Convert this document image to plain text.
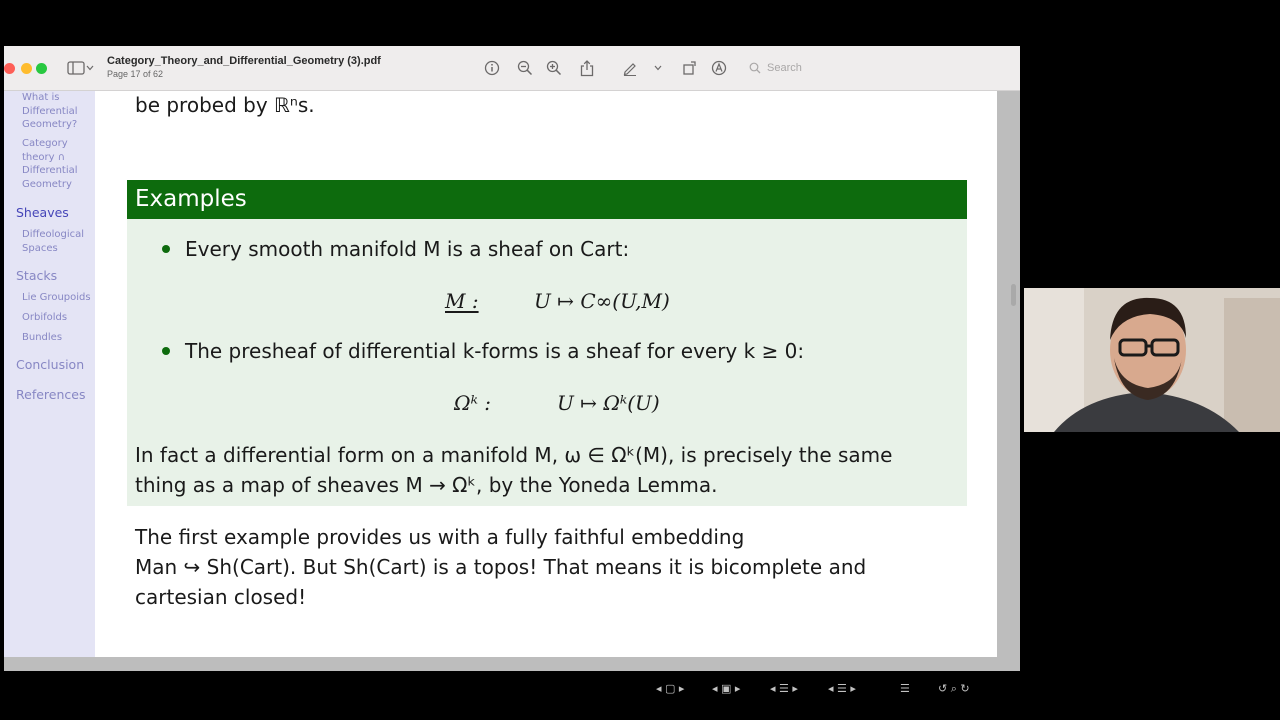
Category_Theory_and_Differential_Geometry (3).pdf
Page 17 of 62	Search
What is Differential Geometry?
Category theory ∩ Differential Geometry
Sheaves
Diffeological Spaces
Stacks
Lie Groupoids
Orbifolds
Bundles
Conclusion
References
be probed by ℝⁿs.
Examples
Every smooth manifold M is a sheaf on Cart:
M :	U ↦ C∞(U,M)
The presheaf of differential k-forms is a sheaf for every k ≥ 0:
Ωᵏ :	U ↦ Ωᵏ(U)
In fact a differential form on a manifold M, ω ∈ Ωᵏ(M), is precisely the same
thing as a map of sheaves M → Ωᵏ, by the Yoneda Lemma.
The first example provides us with a fully faithful embedding
Man ↪ Sh(Cart). But Sh(Cart) is a topos! That means it is bicomplete and
cartesian closed!
◂ ▢ ▸	◂ ▣ ▸	◂ ☰ ▸	◂ ☰ ▸	☰	↺ ⌕ ↻
